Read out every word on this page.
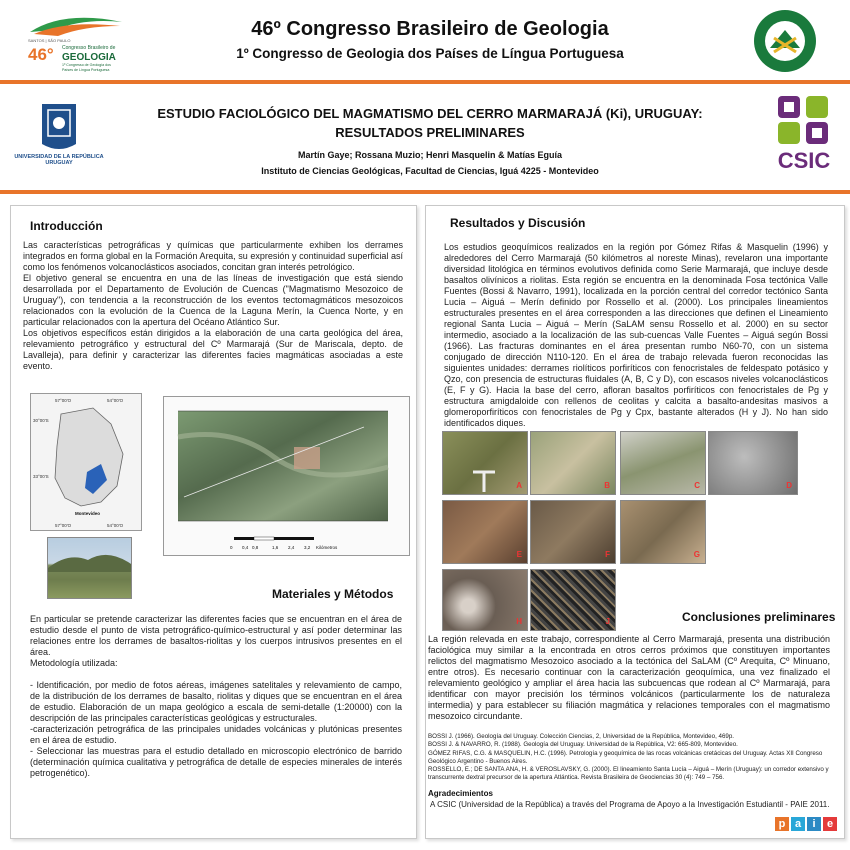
SANTOS | SÃO PAULO
46° Congresso Brasileiro de
GEOLOGIA
1º Congresso de Geologia dos
Países de Língua Portuguesa
46º Congresso Brasileiro de Geologia
1º Congresso de Geologia dos Países de Língua Portuguesa
UNIVERSIDAD DE LA REPÚBLICA
URUGUAY
ESTUDIO FACIOLÓGICO DEL MAGMATISMO DEL CERRO MARMARAJÁ (Ki), URUGUAY:
RESULTADOS PRELIMINARES
Martín Gaye; Rossana Muzio; Henri Masquelin & Matías Eguía
Instituto de Ciencias Geológicas, Facultad de Ciencias, Iguá 4225 - Montevideo	CSIC
Introducción
Las características petrográficas y químicas que particularmente exhiben los derrames integrados en forma global en la Formación Arequita, su expresión y continuidad superficial así como los fenómenos volcanoclásticos asociados, concitan gran interés petrológico.
El objetivo general se encuentra en una de las líneas de investigación que está siendo desarrollada por el Departamento de Evolución de Cuencas ("Magmatismo Mesozoico de Uruguay"), con tendencia a la reconstrucción de los eventos tectomagmáticos mesozoicos relacionados con la evolución de la Cuenca de la Laguna Merín, la Cuenca Norte, y en particular relacionados con la apertura del Océano Atlántico Sur.
Los objetivos específicos están dirigidos a la elaboración de una carta geológica del área, relevamiento petrográfico y estructural del Cº Marmarajá (Sur de Mariscala, depto. de Lavalleja), para definir y caracterizar las diferentes facies magmáticas asociadas a este evento.
57°00'O	54°00'O
30°00'S
33°00'S
Montevideo
57°00'O	54°00'O
0 0,4 0,8	1,6 2,4 3,2 Kilómetros
Materiales y Métodos
En particular se pretende caracterizar las diferentes facies que se encuentran en el área de estudio desde el punto de vista petrográfico-químico-estructural y así poder determinar las relaciones entre los derrames de basaltos-riolitas y los cuerpos intrusivos presentes en el área.
Metodología utilizada:
- Identificación, por medio de fotos aéreas, imágenes satelitales y relevamiento de campo, de la distribución de los derrames de basalto, riolitas y diques que se encuentran en el área de estudio. Elaboración de un mapa geológico a escala de semi-detalle (1:20000) con la descripción de las principales características geológicas y estructurales.
-caracterización petrográfica de las principales unidades volcánicas y plutónicas presentes en el área de estudio.
- Seleccionar las muestras para el estudio detallado en microscopio electrónico de barrido (determinación química cualitativa y petrográfica de detalle de especies minerales de interés petrogenético).
Resultados y Discusión
Los estudios geoquímicos realizados en la región por Gómez Rifas & Masquelin (1996) y alrededores del Cerro Marmarajá (50 kilómetros al noreste Minas), revelaron una importante diversidad litológica en términos evolutivos definida como Serie Marmarajá, que incluye desde basaltos olivínicos a riolitas. Esta región se encuentra en la denominada Fosa tectónica Valle Fuentes (Bossi & Navarro, 1991), localizada en la porción central del corredor tectónico Santa Lucia – Aiguá – Merín definido por Rossello et al. (2000). Los principales lineamientos estructurales presentes en el área corresponden a las direcciones que definen el Lineamiento regional Santa Lucia – Aiguá – Merín (SaLAM sensu Rossello et al. 2000) en su sector intermedio, asociado a la localización de las sub-cuencas Valle Fuentes – Aiguá según Bossi (1966). Las fracturas dominantes en el área presentan rumbo N60-70, con un sistema conjugado de dirección N110-120. En el área de trabajo relevada fueron reconocidas las siguientes unidades: derrames riolíticos porfiríticos con fenocristales de feldespato potásico y Qzo, con presencia de estructuras fluidales (A, B, C y D), con escasos niveles volcanoclásticos (E, F y G). Hacia la base del cerro, afloran basaltos porfiríticos con fenocristales de Pg y estructura amigdaloide con rellenos de ceolitas y calcita a basalto-andesitas masivos a glomeroporfiríticos con fenocristales de Pg y Cpx, bastante alterados (H y J). No han sido identificados diques.
A	B	C	D
E	F	G
H	J	Conclusiones preliminares
La región relevada en este trabajo, correspondiente al Cerro Marmarajá, presenta una distribución faciológica muy similar a la encontrada en otros cerros próximos que constituyen importantes relictos del magmatismo Mesozoico asociado a la tectónica del SaLAM (Cº Arequita, Cº Minuano, entre otros). Es necesario continuar con la caracterización geoquímica, una vez finalizado el relevamiento geológico y ampliar el área hacia las subcuencas que rodean al Cº Marmarajá, para identificar con mayor precisión los términos volcánicos (particularmente los de naturaleza intermedia) y para establecer su filiación magmática y relaciones temporales con el magmatismo mesozoico circundante.
BOSSI J. (1966). Geología del Uruguay. Colección Ciencias, 2, Universidad de la República, Montevideo, 469p.
BOSSI J. & NAVARRO, R. (1988). Geología del Uruguay. Universidad de la República, V2: 665-809, Montevideo.
GÓMEZ RIFAS, C.G. & MASQUELIN, H.C. (1996). Petrología y geoquímica de las rocas volcánicas cretácicas del Uruguay. Actas XII Congreso Geológico Argentino - Buenos Aires.
ROSSELLO, E.; DE SANTA ANA, H. & VEROSLAVSKY, G. (2000). El lineamiento Santa Lucía – Aiguá – Merín (Uruguay): un corredor extensivo y transcurrente dextral precursor de la apertura Atlántica. Revista Brasileira de Geociencias 30 (4): 749 – 756.
Agradecimientos
A CSIC (Universidad de la República) a través del Programa de Apoyo a la Investigación Estudiantil - PAIE 2011.
p a i e
